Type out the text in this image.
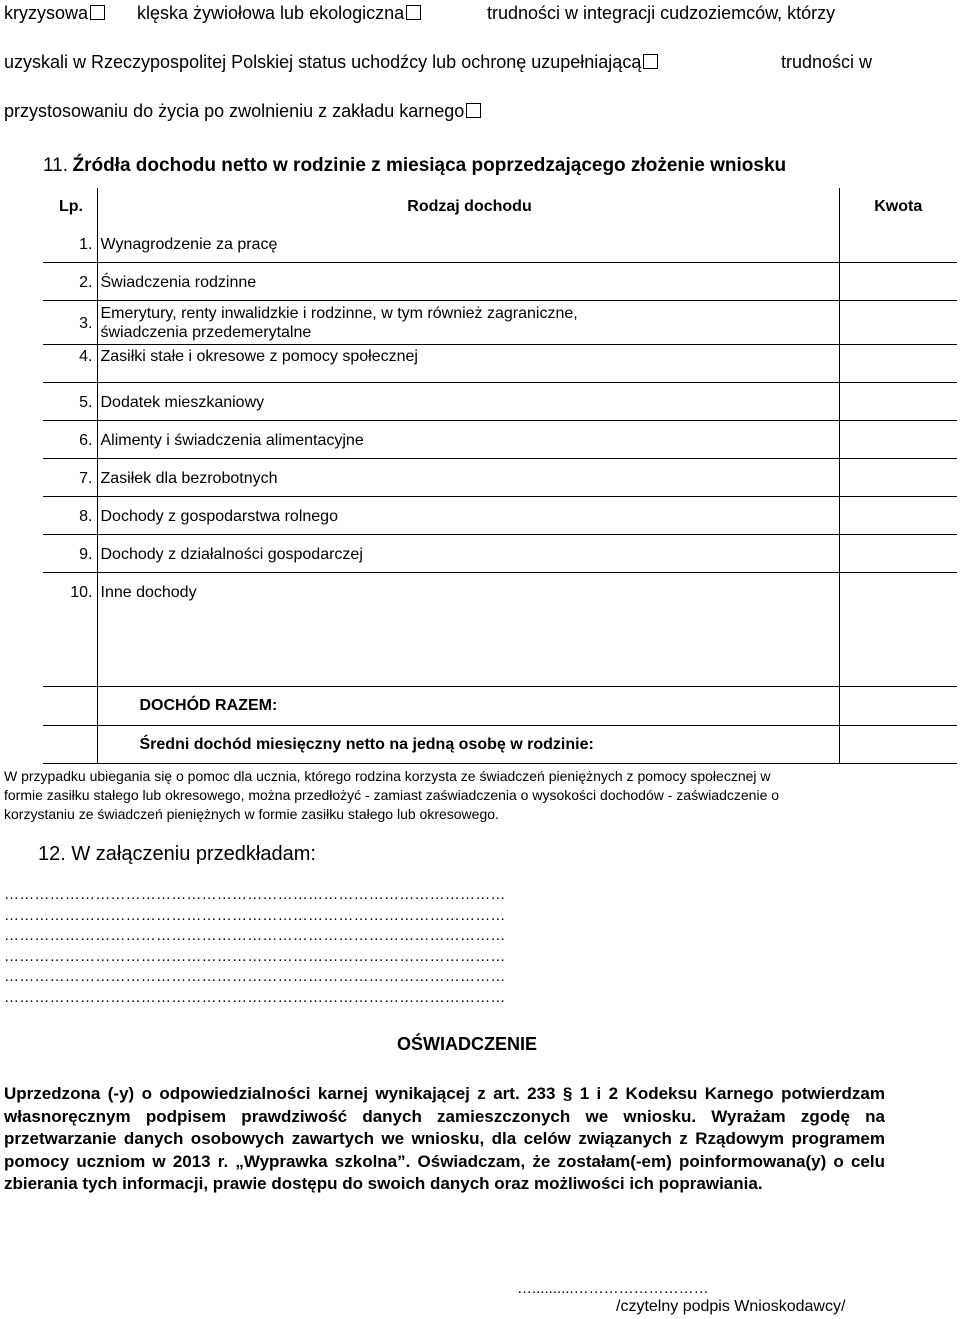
kryzysowa	klęska żywiołowa lub ekologiczna	trudności w integracji cudzoziemców, którzy
uzyskali w Rzeczypospolitej Polskiej status uchodźcy lub ochronę uzupełniającą	trudności w
przystosowaniu do życia po zwolnieniu z zakładu karnego
11. Źródła dochodu netto w rodzinie z miesiąca poprzedzającego złożenie wniosku
Lp.	Rodzaj dochodu	Kwota
1.	Wynagrodzenie za pracę	
2.	Świadczenia rodzinne	
3.	Emerytury, renty inwalidzkie i rodzinne, w tym również zagraniczne, świadczenia przedemerytalne	
4.	Zasiłki stałe i okresowe z pomocy społecznej	
5.	Dodatek mieszkaniowy	
6.	Alimenty i świadczenia alimentacyjne	
7.	Zasiłek dla bezrobotnych	
8.	Dochody z gospodarstwa rolnego	
9.	Dochody z działalności gospodarczej	
10.	Inne dochody	
	DOCHÓD RAZEM:	
	Średni dochód miesięczny netto na jedną osobę w rodzinie:	
W przypadku ubiegania się o pomoc dla ucznia, którego rodzina korzysta ze świadczeń pieniężnych z pomocy społecznej w
formie zasiłku stałego lub okresowego, można przedłożyć - zamiast zaświadczenia o wysokości dochodów - zaświadczenie o
korzystaniu ze świadczeń pieniężnych w formie zasiłku stałego lub okresowego.
12. W załączeniu przedkładam:
………………………………………………………………………………………
………………………………………………………………………………………
………………………………………………………………………………………
………………………………………………………………………………………
………………………………………………………………………………………
………………………………………………………………………………………
OŚWIADCZENIE
Uprzedzona (-y) o odpowiedzialności karnej wynikającej z art. 233 § 1 i 2 Kodeksu Karnego potwierdzam własnoręcznym podpisem prawdziwość danych zamieszczonych we wniosku. Wyrażam zgodę na przetwarzanie danych osobowych zawartych we wniosku, dla celów związanych z Rządowym programem pomocy uczniom w 2013 r. „Wyprawka szkolna”. Oświadczam, że zostałam(-em) poinformowana(y) o celu zbierania tych informacji, prawie dostępu do swoich danych oraz możliwości ich poprawiania.
…..........………………………
/czytelny podpis Wnioskodawcy/
